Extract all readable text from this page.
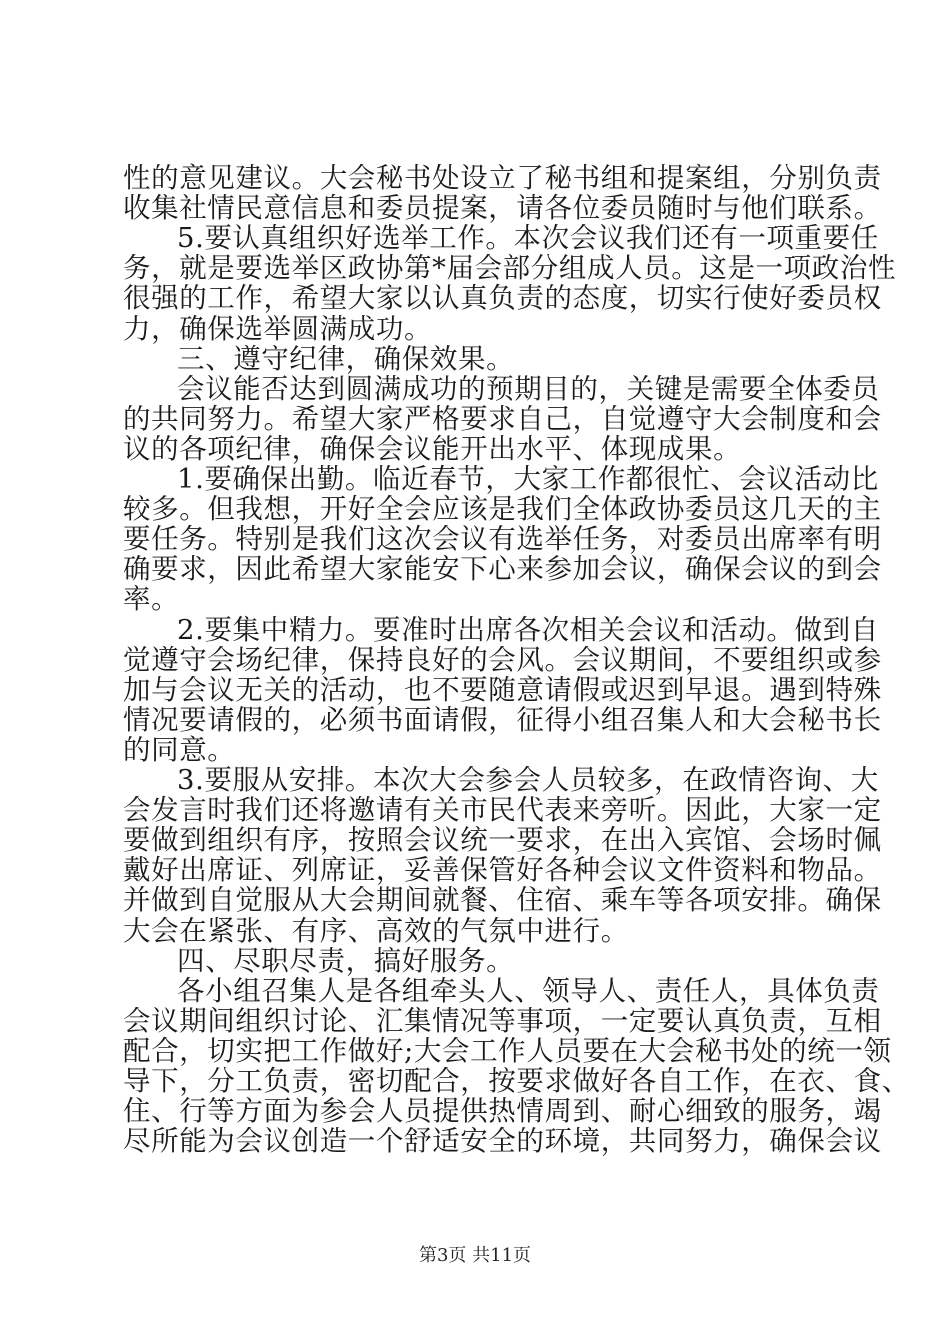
性的意见建议。大会秘书处设立了秘书组和提案组，分别负责
收集社情民意信息和委员提案，请各位委员随时与他们联系。
5.要认真组织好选举工作。本次会议我们还有一项重要任
务，就是要选举区政协第*届会部分组成人员。这是一项政治性
很强的工作，希望大家以认真负责的态度，切实行使好委员权
力，确保选举圆满成功。
三、遵守纪律，确保效果。
会议能否达到圆满成功的预期目的，关键是需要全体委员
的共同努力。希望大家严格要求自己，自觉遵守大会制度和会
议的各项纪律，确保会议能开出水平、体现成果。
1.要确保出勤。临近春节，大家工作都很忙、会议活动比
较多。但我想，开好全会应该是我们全体政协委员这几天的主
要任务。特别是我们这次会议有选举任务，对委员出席率有明
确要求，因此希望大家能安下心来参加会议，确保会议的到会
率。
2.要集中精力。要准时出席各次相关会议和活动。做到自
觉遵守会场纪律，保持良好的会风。会议期间，不要组织或参
加与会议无关的活动，也不要随意请假或迟到早退。遇到特殊
情况要请假的，必须书面请假，征得小组召集人和大会秘书长
的同意。
3.要服从安排。本次大会参会人员较多，在政情咨询、大
会发言时我们还将邀请有关市民代表来旁听。因此，大家一定
要做到组织有序，按照会议统一要求，在出入宾馆、会场时佩
戴好出席证、列席证，妥善保管好各种会议文件资料和物品。
并做到自觉服从大会期间就餐、住宿、乘车等各项安排。确保
大会在紧张、有序、高效的气氛中进行。
四、尽职尽责，搞好服务。
各小组召集人是各组牵头人、领导人、责任人，具体负责
会议期间组织讨论、汇集情况等事项，一定要认真负责，互相
配合，切实把工作做好;大会工作人员要在大会秘书处的统一领
导下，分工负责，密切配合，按要求做好各自工作，在衣、食、
住、行等方面为参会人员提供热情周到、耐心细致的服务，竭
尽所能为会议创造一个舒适安全的环境，共同努力，确保会议
第3页 共11页
